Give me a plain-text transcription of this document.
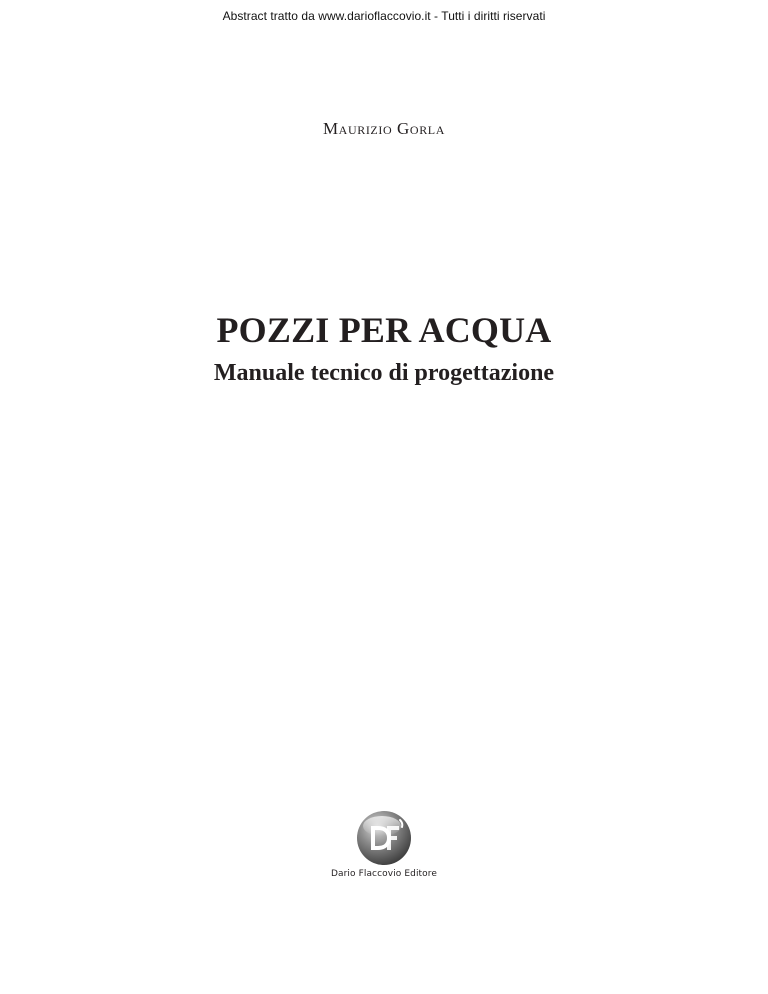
Abstract tratto da www.darioflaccovio.it - Tutti i diritti riservati
Maurizio Gorla
POZZI PER ACQUA
Manuale tecnico di progettazione
Dario Flaccovio Editore
